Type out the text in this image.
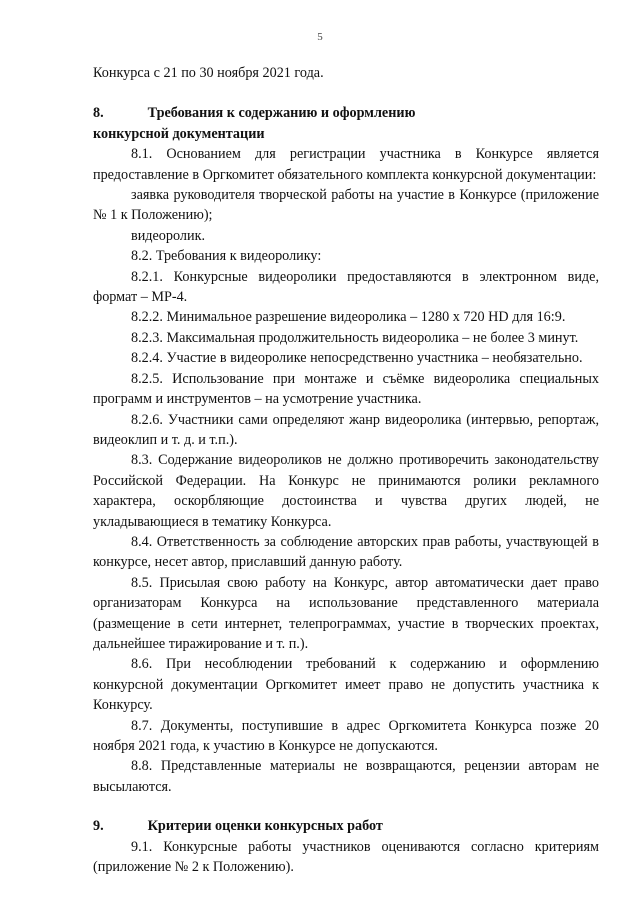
5

Конкурса с 21 по 30 ноября 2021 года.

8.	Требования к содержанию и оформлению

конкурсной документации

8.1. Основанием для регистрации участника в Конкурсе является предоставление в Оргкомитет обязательного комплекта конкурсной документации:

заявка руководителя творческой работы на участие в Конкурсе (приложение № 1 к Положению);

видеоролик.

8.2. Требования к видеоролику:

8.2.1. Конкурсные видеоролики предоставляются в электронном виде, формат – МР-4.

8.2.2. Минимальное разрешение видеоролика – 1280 x 720 HD для 16:9.

8.2.3. Максимальная продолжительность видеоролика – не более 3 минут.

8.2.4. Участие в видеоролике непосредственно участника – необязательно.

8.2.5. Использование при монтаже и съёмке видеоролика специальных программ и инструментов – на усмотрение участника.

8.2.6. Участники сами определяют жанр видеоролика (интервью, репортаж, видеоклип и т. д. и т.п.).

8.3. Содержание видеороликов не должно противоречить законодательству Российской Федерации. На Конкурс не принимаются ролики рекламного характера, оскорбляющие достоинства и чувства других людей, не укладывающиеся в тематику Конкурса.

8.4. Ответственность за соблюдение авторских прав работы, участвующей в конкурсе, несет автор, приславший данную работу.

8.5. Присылая свою работу на Конкурс, автор автоматически дает право организаторам Конкурса на использование представленного материала (размещение в сети интернет, телепрограммах, участие в творческих проектах, дальнейшее тиражирование и т. п.).

8.6. При несоблюдении требований к содержанию и оформлению конкурсной документации Оргкомитет имеет право не допустить участника к Конкурсу.

8.7. Документы, поступившие в адрес Оргкомитета Конкурса позже 20 ноября 2021 года, к участию в Конкурсе не допускаются.

8.8. Представленные материалы не возвращаются, рецензии авторам не высылаются.

9.	Критерии оценки конкурсных работ

9.1. Конкурсные работы участников оцениваются согласно критериям (приложение № 2 к Положению).
